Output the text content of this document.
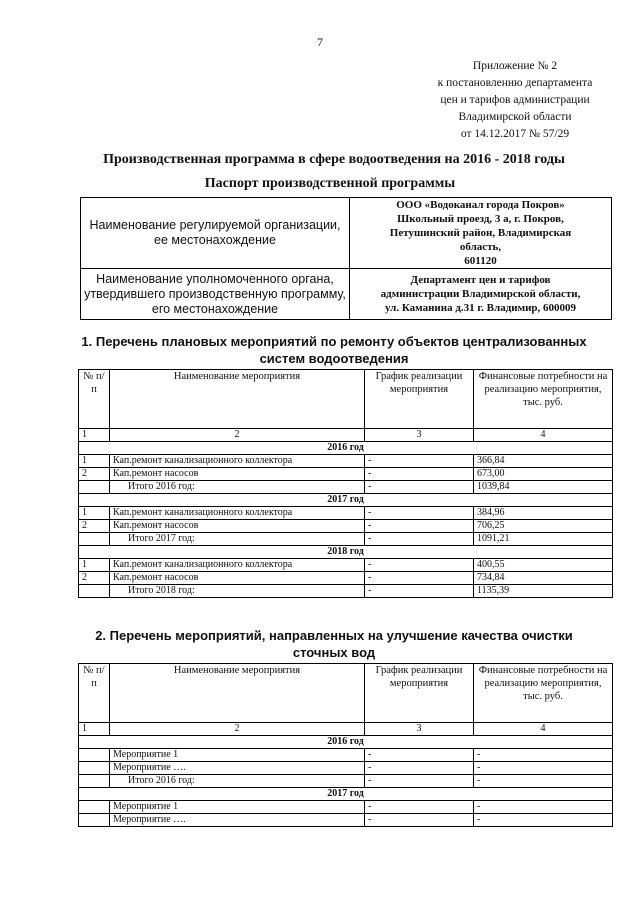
7
Приложение № 2
к постановлению департамента
цен и тарифов администрации
Владимирской области
от 14.12.2017 № 57/29
Производственная программа в сфере водоотведения на 2016 - 2018 годы
Паспорт производственной программы
Наименование регулируемой организации, ее местонахождение	ООО «Водоканал города Покров»
Школьный проезд, 3 а, г. Покров,
Петушинский район, Владимирская
область,
601120

Наименование уполномоченного органа, утвердившего производственную программу, его местонахождение	Департамент цен и тарифов
администрации Владимирской области,
ул. Каманина д.31 г. Владимир, 600009
1. Перечень плановых мероприятий по ремонту объектов централизованных
систем водоотведения
№ п/п	Наименование мероприятия	График реализации мероприятия	Финансовые потребности на реализацию мероприятия, тыс. руб.
1	2	3	4
2016 год			
1	Кап.ремонт канализационного коллектора	-	366,84
2	Кап.ремонт насосов	-	673,00
	Итого 2016 год:	-	1039,84
2017 год			
1	Кап.ремонт канализационного коллектора	-	384,96
2	Кап.ремонт насосов	-	706,25
	Итого 2017 год:	-	1091,21
2018 год			
1	Кап.ремонт канализационного коллектора	-	400,55
2	Кап.ремонт насосов	-	734,84
	Итого 2018 год:	-	1135,39
2. Перечень мероприятий, направленных на улучшение качества очистки
сточных вод
№ п/п	Наименование мероприятия	График реализации мероприятия	Финансовые потребности на реализацию мероприятия, тыс. руб.
1	2	3	4
2016 год			
	Мероприятие 1	-	-
	Мероприятие ….	-	-
	Итого 2016 год:	-	-
2017 год			
	Мероприятие 1	-	-
	Мероприятие ….	-	-
